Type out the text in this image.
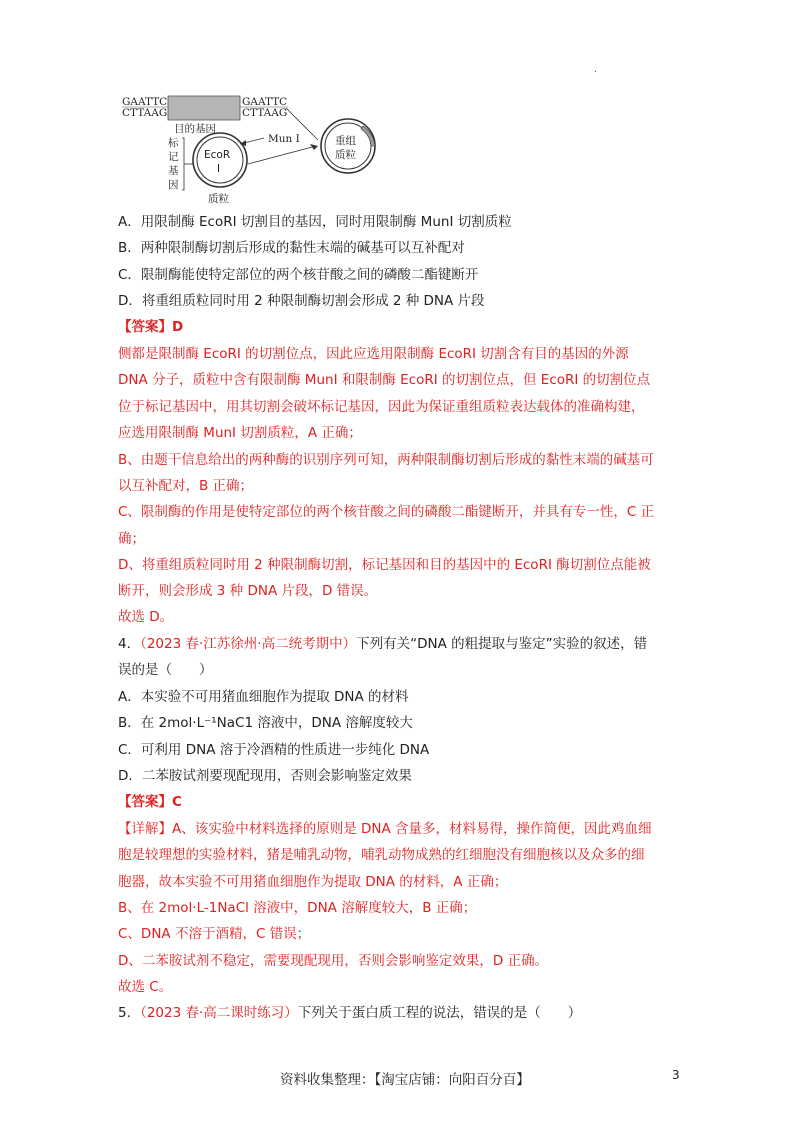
.
GAATTC
CTTAAG
GAATTC
CTTAAG
目的基因
EcoR
I
质粒
标
记
基
因
Mun I	重组
质粒
A．用限制酶 EcoRⅠ 切割目的基因，同时用限制酶 MunⅠ 切割质粒
B．两种限制酶切割后形成的黏性末端的碱基可以互补配对
C．限制酶能使特定部位的两个核苷酸之间的磷酸二酯键断开
D．将重组质粒同时用 2 种限制酶切割会形成 2 种 DNA 片段
【答案】D
侧都是限制酶 EcoRⅠ 的切割位点，因此应选用限制酶 EcoRⅠ 切割含有目的基因的外源
DNA 分子，质粒中含有限制酶 MunⅠ 和限制酶 EcoRⅠ 的切割位点，但 EcoRⅠ 的切割位点
位于标记基因中，用其切割会破坏标记基因，因此为保证重组质粒表达载体的准确构建，
应选用限制酶 MunⅠ 切割质粒，A 正确；
B、由题干信息给出的两种酶的识别序列可知，两种限制酶切割后形成的黏性末端的碱基可
以互补配对，B 正确；
C、限制酶的作用是使特定部位的两个核苷酸之间的磷酸二酯键断开，并具有专一性，C 正
确；
D、将重组质粒同时用 2 种限制酶切割，标记基因和目的基因中的 EcoRⅠ 酶切割位点能被
断开，则会形成 3 种 DNA 片段，D 错误。
故选 D。
4．（2023 春·江苏徐州·高二统考期中）下列有关“DNA 的粗提取与鉴定”实验的叙述，错
误的是（　　）
A．本实验不可用猪血细胞作为提取 DNA 的材料
B．在 2mol·L⁻¹NaC1 溶液中，DNA 溶解度较大
C．可利用 DNA 溶于冷酒精的性质进一步纯化 DNA
D．二苯胺试剂要现配现用，否则会影响鉴定效果
【答案】C
【详解】A、该实验中材料选择的原则是 DNA 含量多，材料易得，操作简便，因此鸡血细
胞是较理想的实验材料，猪是哺乳动物，哺乳动物成熟的红细胞没有细胞核以及众多的细
胞器，故本实验不可用猪血细胞作为提取 DNA 的材料，A 正确；
B、在 2mol·L-1NaCl 溶液中，DNA 溶解度较大，B 正确；
C、DNA 不溶于酒精，C 错误；
D、二苯胺试剂不稳定，需要现配现用，否则会影响鉴定效果，D 正确。
故选 C。
5．（2023 春·高二课时练习）下列关于蛋白质工程的说法，错误的是（　　）
资料收集整理：【淘宝店铺：向阳百分百】	3
